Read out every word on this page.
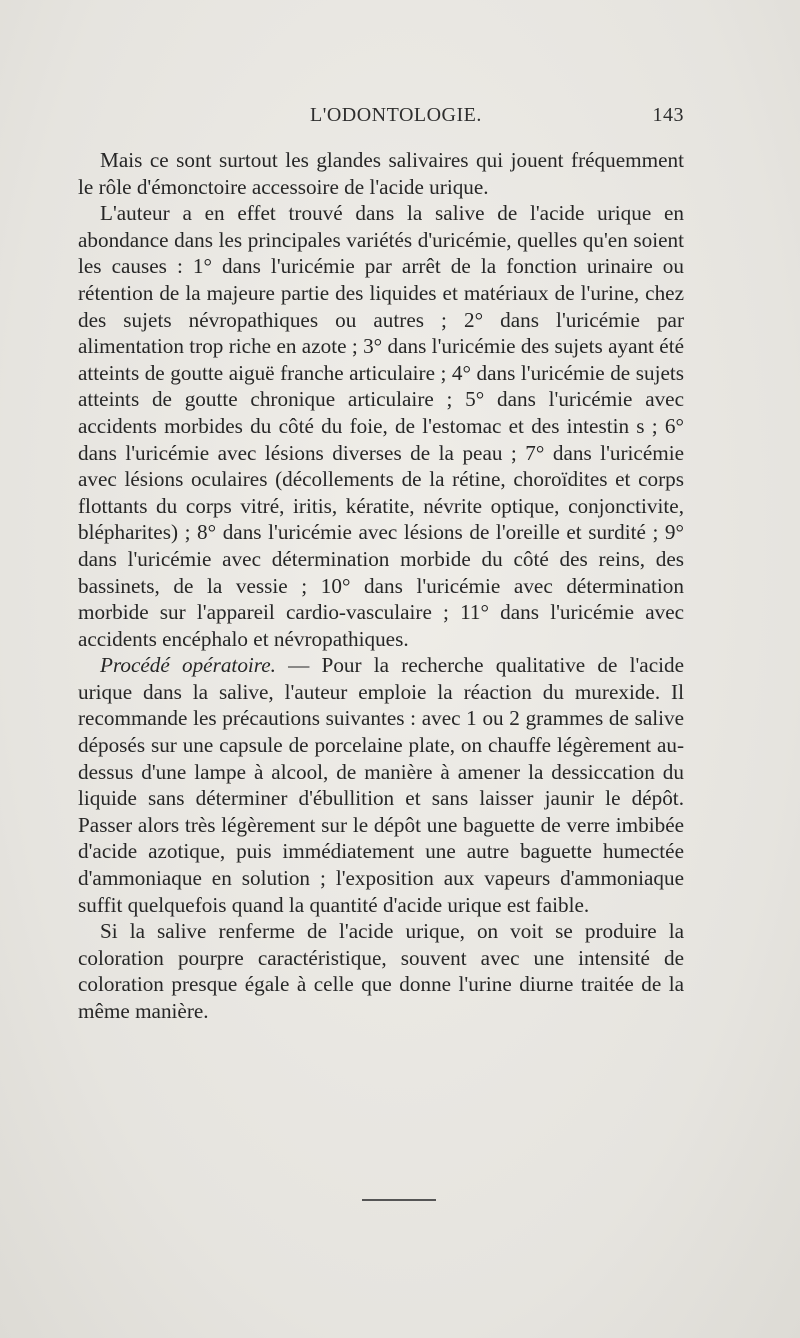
L'ODONTOLOGIE.	143

Mais ce sont surtout les glandes salivaires qui jouent fréquemment le rôle d'émonctoire accessoire de l'acide urique.

L'auteur a en effet trouvé dans la salive de l'acide urique en abondance dans les principales variétés d'uricémie, quelles qu'en soient les causes : 1° dans l'uricémie par arrêt de la fonction urinaire ou rétention de la majeure partie des liquides et matériaux de l'urine, chez des sujets névropathiques ou autres ; 2° dans l'uricémie par alimentation trop riche en azote ; 3° dans l'uricémie des sujets ayant été atteints de goutte aiguë franche articulaire ; 4° dans l'uricémie de sujets atteints de goutte chronique articulaire ; 5° dans l'uricémie avec accidents morbides du côté du foie, de l'estomac et des intestin s ; 6° dans l'uricémie avec lésions diverses de la peau ; 7° dans l'uricémie avec lésions oculaires (décollements de la rétine, choroïdites et corps flottants du corps vitré, iritis, kératite, névrite optique, conjonctivite, blépharites) ; 8° dans l'uricémie avec lésions de l'oreille et surdité ; 9° dans l'uricémie avec détermination morbide du côté des reins, des bassinets, de la vessie ; 10° dans l'uricémie avec détermination morbide sur l'appareil cardio-vasculaire ; 11° dans l'uricémie avec accidents encéphalo et névropathiques.

Procédé opératoire. — Pour la recherche qualitative de l'acide urique dans la salive, l'auteur emploie la réaction du murexide. Il recommande les précautions suivantes : avec 1 ou 2 grammes de salive déposés sur une capsule de porcelaine plate, on chauffe légèrement au-dessus d'une lampe à alcool, de manière à amener la dessiccation du liquide sans déterminer d'ébullition et sans laisser jaunir le dépôt. Passer alors très légèrement sur le dépôt une baguette de verre imbibée d'acide azotique, puis immédiatement une autre baguette humectée d'ammoniaque en solution ; l'exposition aux vapeurs d'ammoniaque suffit quelquefois quand la quantité d'acide urique est faible.

Si la salive renferme de l'acide urique, on voit se produire la coloration pourpre caractéristique, souvent avec une intensité de coloration presque égale à celle que donne l'urine diurne traitée de la même manière.
